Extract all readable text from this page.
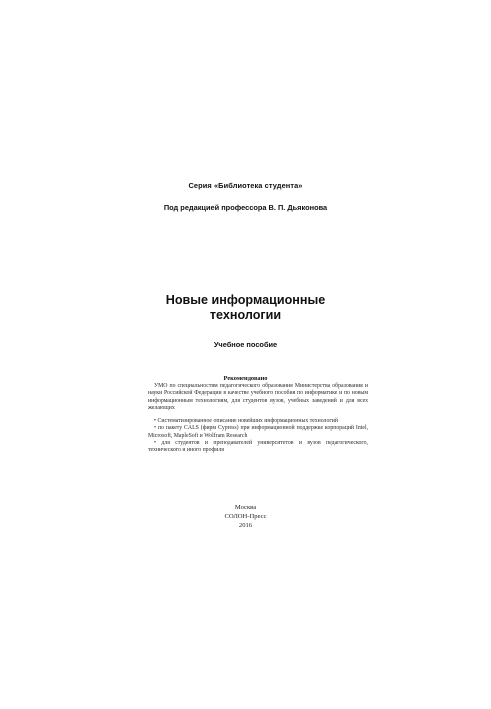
Серия «Библиотека студента»
Под редакцией профессора В. П. Дьяконова
Новые информационные
технологии
Учебное пособие
Рекомендовано

УМО по специальностям педагогического образования Министерства образования и науки Российской Федерации в качестве учебного пособия по информатике и по новым информационным технологиям, для студентов вузов, учебных заведений и для всех желающих

• Систематизированное описание новейших информационных технологий

• по пакету CALS (фирм Cypress) при информационной поддержке корпораций Intel, Microsoft, MapleSoft и Wolfram Research

• для студентов и преподавателей университетов и вузов педагогического, технического и иного профиля

Москва
СОЛОН-Пресс
2016
